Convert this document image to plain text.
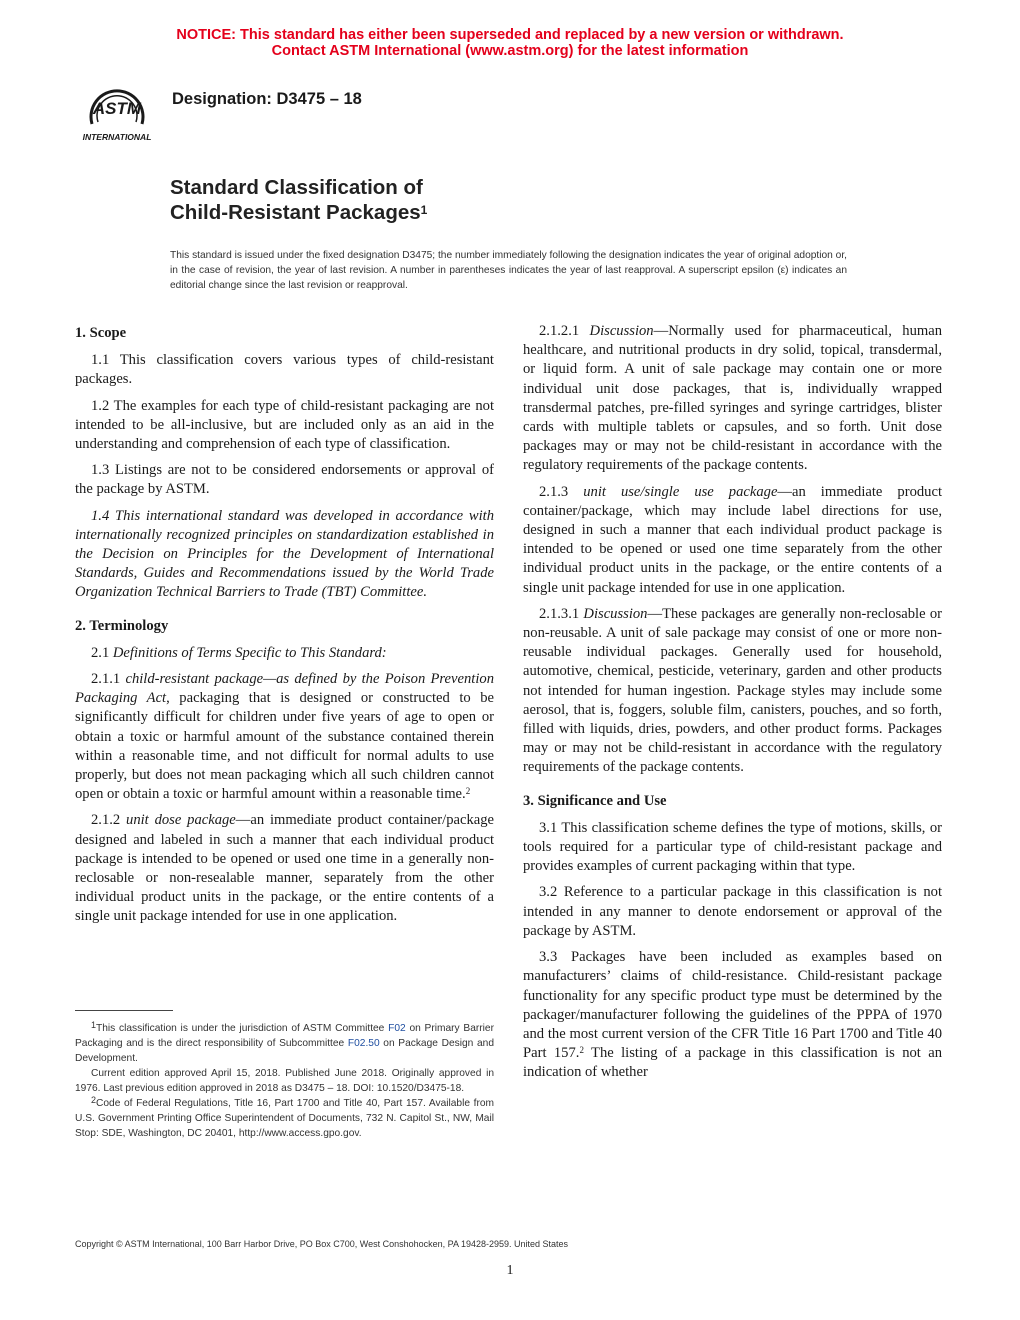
NOTICE: This standard has either been superseded and replaced by a new version or withdrawn.
Contact ASTM International (www.astm.org) for the latest information
ASTM
INTERNATIONAL
Designation: D3475 – 18
Standard Classification of
Child-Resistant Packages$^1$
This standard is issued under the fixed designation D3475; the number immediately following the designation indicates the year of original adoption or, in the case of revision, the year of last revision. A number in parentheses indicates the year of last reapproval. A superscript epsilon (ε) indicates an editorial change since the last revision or reapproval.
1. Scope

1.1 This classification covers various types of child-resistant packages.

1.2 The examples for each type of child-resistant packaging are not intended to be all-inclusive, but are included only as an aid in the understanding and comprehension of each type of classification.

1.3 Listings are not to be considered endorsements or approval of the package by ASTM.

1.4 This international standard was developed in accordance with internationally recognized principles on standardization established in the Decision on Principles for the Development of International Standards, Guides and Recommendations issued by the World Trade Organization Technical Barriers to Trade (TBT) Committee.

2. Terminology

2.1 Definitions of Terms Specific to This Standard:

2.1.1 child-resistant package—as defined by the Poison Prevention Packaging Act, packaging that is designed or constructed to be significantly difficult for children under five years of age to open or obtain a toxic or harmful amount of the substance contained therein within a reasonable time, and not difficult for normal adults to use properly, but does not mean packaging which all such children cannot open or obtain a toxic or harmful amount within a reasonable time.$^2$

2.1.2 unit dose package—an immediate product container/package designed and labeled in such a manner that each individual product package is intended to be opened or used one time in a generally non-reclosable or non-resealable manner, separately from the other individual product units in the package, or the entire contents of a single unit package intended for use in one application.

2.1.2.1 Discussion—Normally used for pharmaceutical, human healthcare, and nutritional products in dry solid, topical, transdermal, or liquid form. A unit of sale package may contain one or more individual unit dose packages, that is, individually wrapped transdermal patches, pre-filled syringes and syringe cartridges, blister cards with multiple tablets or capsules, and so forth. Unit dose packages may or may not be child-resistant in accordance with the regulatory requirements of the package contents.

2.1.3 unit use/single use package—an immediate product container/package, which may include label directions for use, designed in such a manner that each individual product package is intended to be opened or used one time separately from the other individual product units in the package, or the entire contents of a single unit package intended for use in one application.

2.1.3.1 Discussion—These packages are generally non-reclosable or non-reusable. A unit of sale package may consist of one or more non-reusable individual packages. Generally used for household, automotive, chemical, pesticide, veterinary, garden and other products not intended for human ingestion. Package styles may include some aerosol, that is, foggers, soluble film, canisters, pouches, and so forth, filled with liquids, dries, powders, and other product forms. Packages may or may not be child-resistant in accordance with the regulatory requirements of the package contents.

3. Significance and Use

3.1 This classification scheme defines the type of motions, skills, or tools required for a particular type of child-resistant package and provides examples of current packaging within that type.

3.2 Reference to a particular package in this classification is not intended in any manner to denote endorsement or approval of the package by ASTM.

3.3 Packages have been included as examples based on manufacturers’ claims of child-resistance. Child-resistant package functionality for any specific product type must be determined by the packager/manufacturer following the guidelines of the PPPA of 1970 and the most current version of the CFR Title 16 Part 1700 and Title 40 Part 157.$^2$ The listing of a package in this classification is not an indication of whether

$^1$This classification is under the jurisdiction of ASTM Committee F02 on Primary Barrier Packaging and is the direct responsibility of Subcommittee F02.50 on Package Design and Development.

Current edition approved April 15, 2018. Published June 2018. Originally approved in 1976. Last previous edition approved in 2018 as D3475 – 18. DOI: 10.1520/D3475-18.

$^2$Code of Federal Regulations, Title 16, Part 1700 and Title 40, Part 157. Available from U.S. Government Printing Office Superintendent of Documents, 732 N. Capitol St., NW, Mail Stop: SDE, Washington, DC 20401, http://www.access.gpo.gov.

Copyright © ASTM International, 100 Barr Harbor Drive, PO Box C700, West Conshohocken, PA 19428-2959. United States
1
